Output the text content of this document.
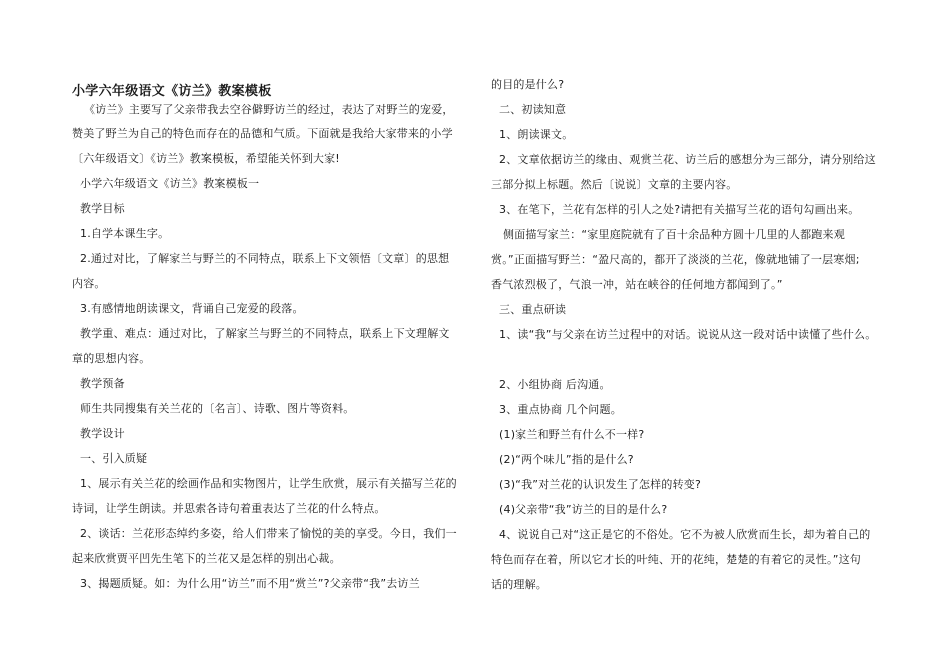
小学六年级语文《访兰》教案模板
《访兰》主要写了父亲带我去空谷僻野访兰的经过，表达了对野兰的宠爱，
赞美了野兰为自己的特色而存在的品德和气质。下面就是我给大家带来的小学
〔六年级语文〕《访兰》教案模板，希望能关怀到大家!
小学六年级语文《访兰》教案模板一
教学目标
1.自学本课生字。
2.通过对比，了解家兰与野兰的不同特点，联系上下文领悟〔文章〕的思想
内容。
3.有感情地朗读课文，背诵自己宠爱的段落。
教学重、难点：通过对比，了解家兰与野兰的不同特点，联系上下文理解文
章的思想内容。
教学预备
师生共同搜集有关兰花的〔名言〕、诗歌、图片等资料。
教学设计
一、引入质疑
1、展示有关兰花的绘画作品和实物图片，让学生欣赏，展示有关描写兰花的
诗词，让学生朗读。并思索各诗句着重表达了兰花的什么特点。
2、谈话：兰花形态绰约多姿，给人们带来了愉悦的美的享受。今日，我们一
起来欣赏贾平凹先生笔下的兰花又是怎样的别出心裁。
3、揭题质疑。如：为什么用“访兰”而不用“赏兰”?父亲带“我”去访兰
的目的是什么?
二、初读知意
1、朗读课文。
2、文章依据访兰的缘由、观赏兰花、访兰后的感想分为三部分，请分别给这
三部分拟上标题。然后〔说说〕文章的主要内容。
3、在笔下，兰花有怎样的引人之处?请把有关描写兰花的语句勾画出来。
侧面描写家兰：“家里庭院就有了百十余品种方圆十几里的人都跑来观
赏。”正面描写野兰：“盈尺高的，都开了淡淡的兰花，像就地铺了一层寒烟;
香气浓烈极了，气浪一冲，站在峡谷的任何地方都闻到了。”
三、重点研读
1、读“我”与父亲在访兰过程中的对话。说说从这一段对话中读懂了些什么。
2、小组协商 后沟通。
3、重点协商 几个问题。
(1)家兰和野兰有什么不一样?
(2)“两个味儿”指的是什么?
(3)“我”对兰花的认识发生了怎样的转变?
(4)父亲带“我”访兰的目的是什么?
4、说说自己对“这正是它的不俗处。它不为被人欣赏而生长，却为着自己的
特色而存在着，所以它才长的叶纯、开的花纯，楚楚的有着它的灵性。”这句
话的理解。
